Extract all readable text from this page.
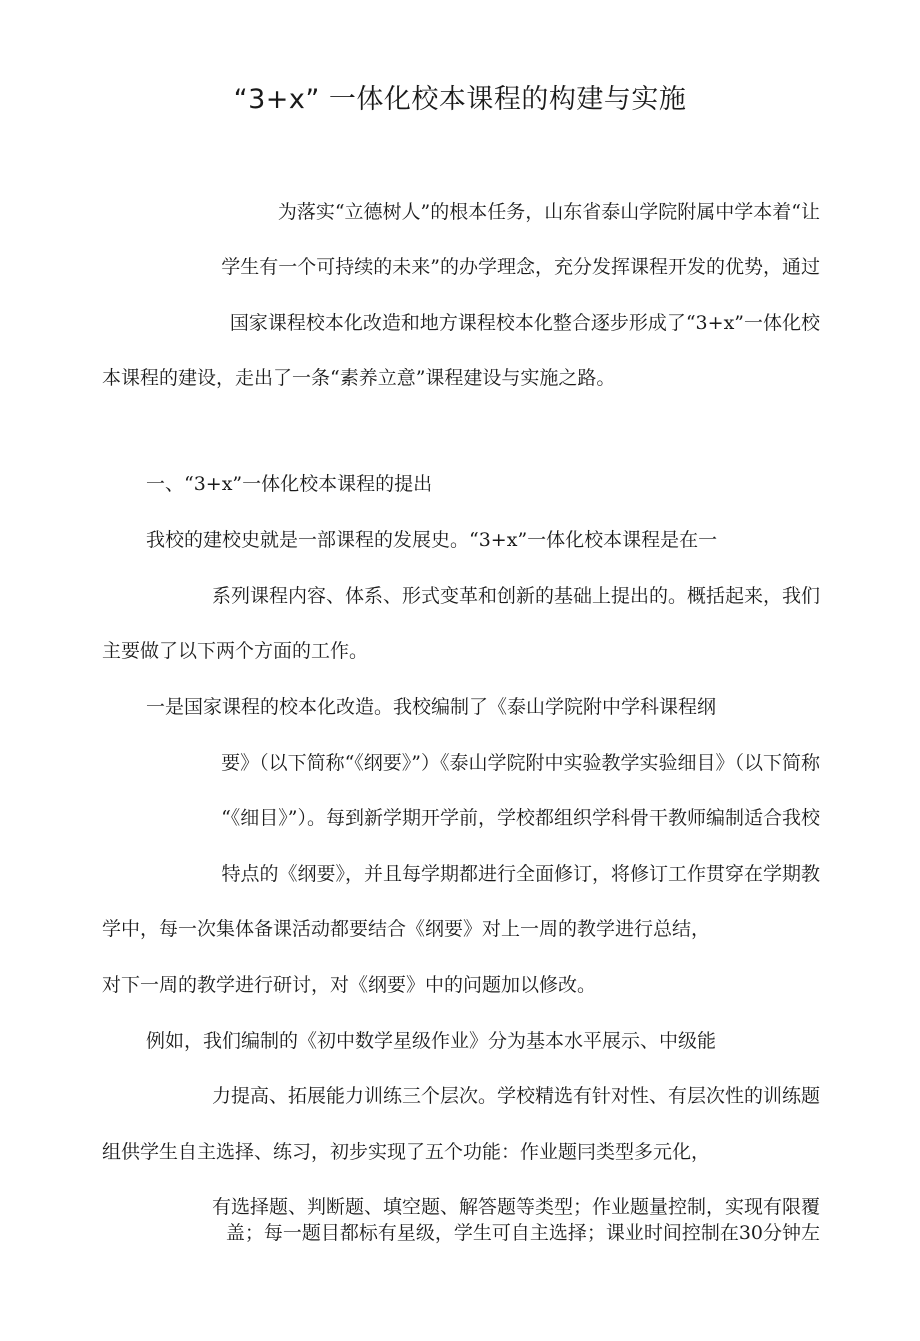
“3+x” 一体化校本课程的构建与实施
为落实“立德树人”的根本任务，山东省泰山学院附属中学本着“让
学生有一个可持续的未来”的办学理念，充分发挥课程开发的优势，通过
国家课程校本化改造和地方课程校本化整合逐步形成了“3+x”一体化校
本课程的建设，走出了一条“素养立意”课程建设与实施之路。
一、“3+x”一体化校本课程的提出
我校的建校史就是一部课程的发展史。“3+x”一体化校本课程是在一
系列课程内容、体系、形式变革和创新的基础上提出的。概括起来，我们
主要做了以下两个方面的工作。
一是国家课程的校本化改造。我校编制了《泰山学院附中学科课程纲
要》（以下简称“《纲要》”）《泰山学院附中实验教学实验细目》（以下简称
“《细目》”）。每到新学期开学前，学校都组织学科骨干教师编制适合我校
特点的《纲要》，并且每学期都进行全面修订，将修订工作贯穿在学期教
学中，每一次集体备课活动都要结合《纲要》对上一周的教学进行总结，
对下一周的教学进行研讨，对《纲要》中的问题加以修改。
例如，我们编制的《初中数学星级作业》分为基本水平展示、中级能
力提高、拓展能力训练三个层次。学校精选有针对性、有层次性的训练题
组供学生自主选择、练习，初步实现了五个功能：作业题冃类型多元化，
有选择题、判断题、填空题、解答题等类型；作业题量控制，实现有限覆
盖；每一题目都标有星级，学生可自主选择；课业时间控制在30分钟左
